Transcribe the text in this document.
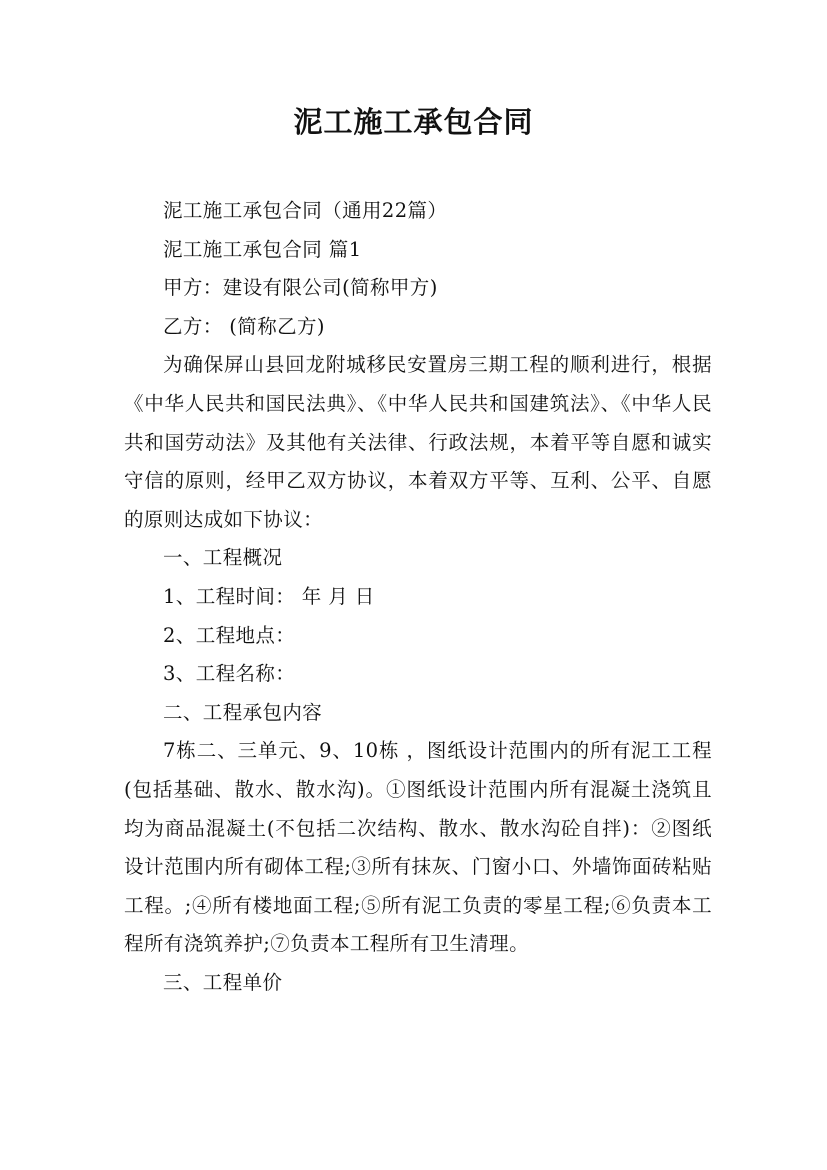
泥工施工承包合同

泥工施工承包合同（通用22篇）

泥工施工承包合同 篇1

甲方：建设有限公司(简称甲方)

乙方： (简称乙方)

为确保屏山县回龙附城移民安置房三期工程的顺利进行，根据《中华人民共和国民法典》、《中华人民共和国建筑法》、《中华人民共和国劳动法》及其他有关法律、行政法规，本着平等自愿和诚实守信的原则，经甲乙双方协议，本着双方平等、互利、公平、自愿的原则达成如下协议：

一、工程概况

1、工程时间： 年 月 日

2、工程地点：

3、工程名称：

二、工程承包内容

7栋二、三单元、9、10栋 ，图纸设计范围内的所有泥工工程(包括基础、散水、散水沟)。①图纸设计范围内所有混凝土浇筑且均为商品混凝土(不包括二次结构、散水、散水沟砼自拌)：②图纸设计范围内所有砌体工程;③所有抹灰、门窗小口、外墙饰面砖粘贴工程。;④所有楼地面工程;⑤所有泥工负责的零星工程;⑥负责本工程所有浇筑养护;⑦负责本工程所有卫生清理。

三、工程单价
